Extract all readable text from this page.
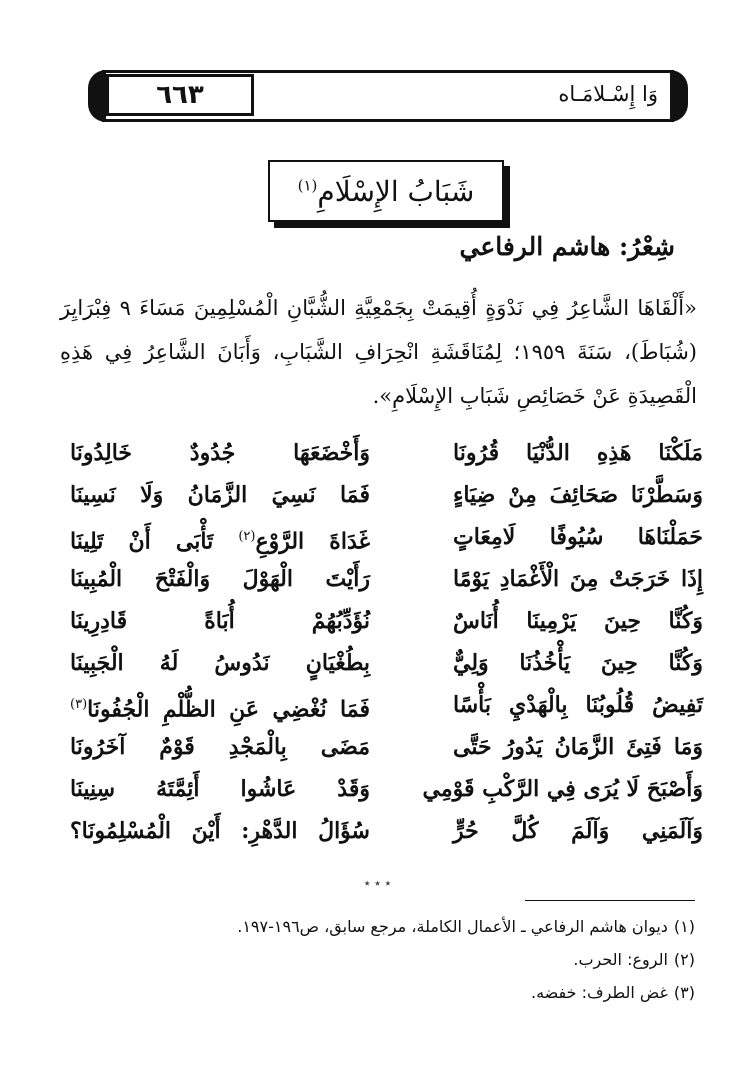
٦٦٣	وَا إِسْـلامَـاه
شَبَابُ الإِسْلَامِ$^{(١)}$
شِعْرُ: هاشم الرفاعي
«أَلْقَاهَا الشَّاعِرُ فِي نَدْوَةٍ أُقِيمَتْ بِجَمْعِيَّةِ الشُّبَّانِ الْمُسْلِمِينَ مَسَاءَ ٩ فِبْرَايِرَ (شُبَاطَ)، سَنَةَ ١٩٥٩؛ لِمُنَاقَشَةِ انْحِرَافِ الشَّبَابِ، وَأَبَانَ الشَّاعِرُ فِي هَذِهِ الْقَصِيدَةِ عَنْ خَصَائِصِ شَبَابِ الإِسْلَامِ».
مَلَكْنَا هَذِهِ الدُّنْيَا قُرُونَا
وَأَخْضَعَهَا جُدُودٌ خَالِدُونَا
وَسَطَّرْنَا صَحَائِفَ مِنْ ضِيَاءٍ
فَمَا نَسِيَ الزَّمَانُ وَلَا نَسِينَا
حَمَلْنَاهَا سُيُوفًا لَامِعَاتٍ
غَدَاةَ الرَّوْعِ$^{(٢)}$ تَأْبَى أَنْ تَلِينَا
إِذَا خَرَجَتْ مِنَ الْأَغْمَادِ يَوْمًا
رَأَيْتَ الْهَوْلَ وَالْفَتْحَ الْمُبِينَا
وَكُنَّا حِينَ يَرْمِينَا أُنَاسٌ
نُؤَدِّبُهُمْ أُبَاةً قَادِرِينَا
وَكُنَّا حِينَ يَأْخُذُنَا وَلِيٌّ
بِطُغْيَانٍ نَدُوسُ لَهُ الْجَبِينَا
تَفِيضُ قُلُوبُنَا بِالْهَدْيِ بَأْسًا
فَمَا نُغْضِي عَنِ الظُّلْمِ الْجُفُونَا$^{(٣)}$
وَمَا فَتِئَ الزَّمَانُ يَدُورُ حَتَّى
مَضَى بِالْمَجْدِ قَوْمٌ آخَرُونَا
وَأَصْبَحَ لَا يُرَى فِي الرَّكْبِ قَوْمِي
وَقَدْ عَاشُوا أَئِمَّتَهُ سِنِينَا
وَآلَمَنِي وَآلَمَ كُلَّ حُرٍّ
سُؤَالُ الدَّهْرِ: أَيْنَ الْمُسْلِمُونَا؟
٭ ٭ ٭
(١)ديوان هاشم الرفاعي ـ الأعمال الكاملة، مرجع سابق، ص١٩٦-١٩٧.
(٢)الروع: الحرب.
(٣)غض الطرف: خفضه.
